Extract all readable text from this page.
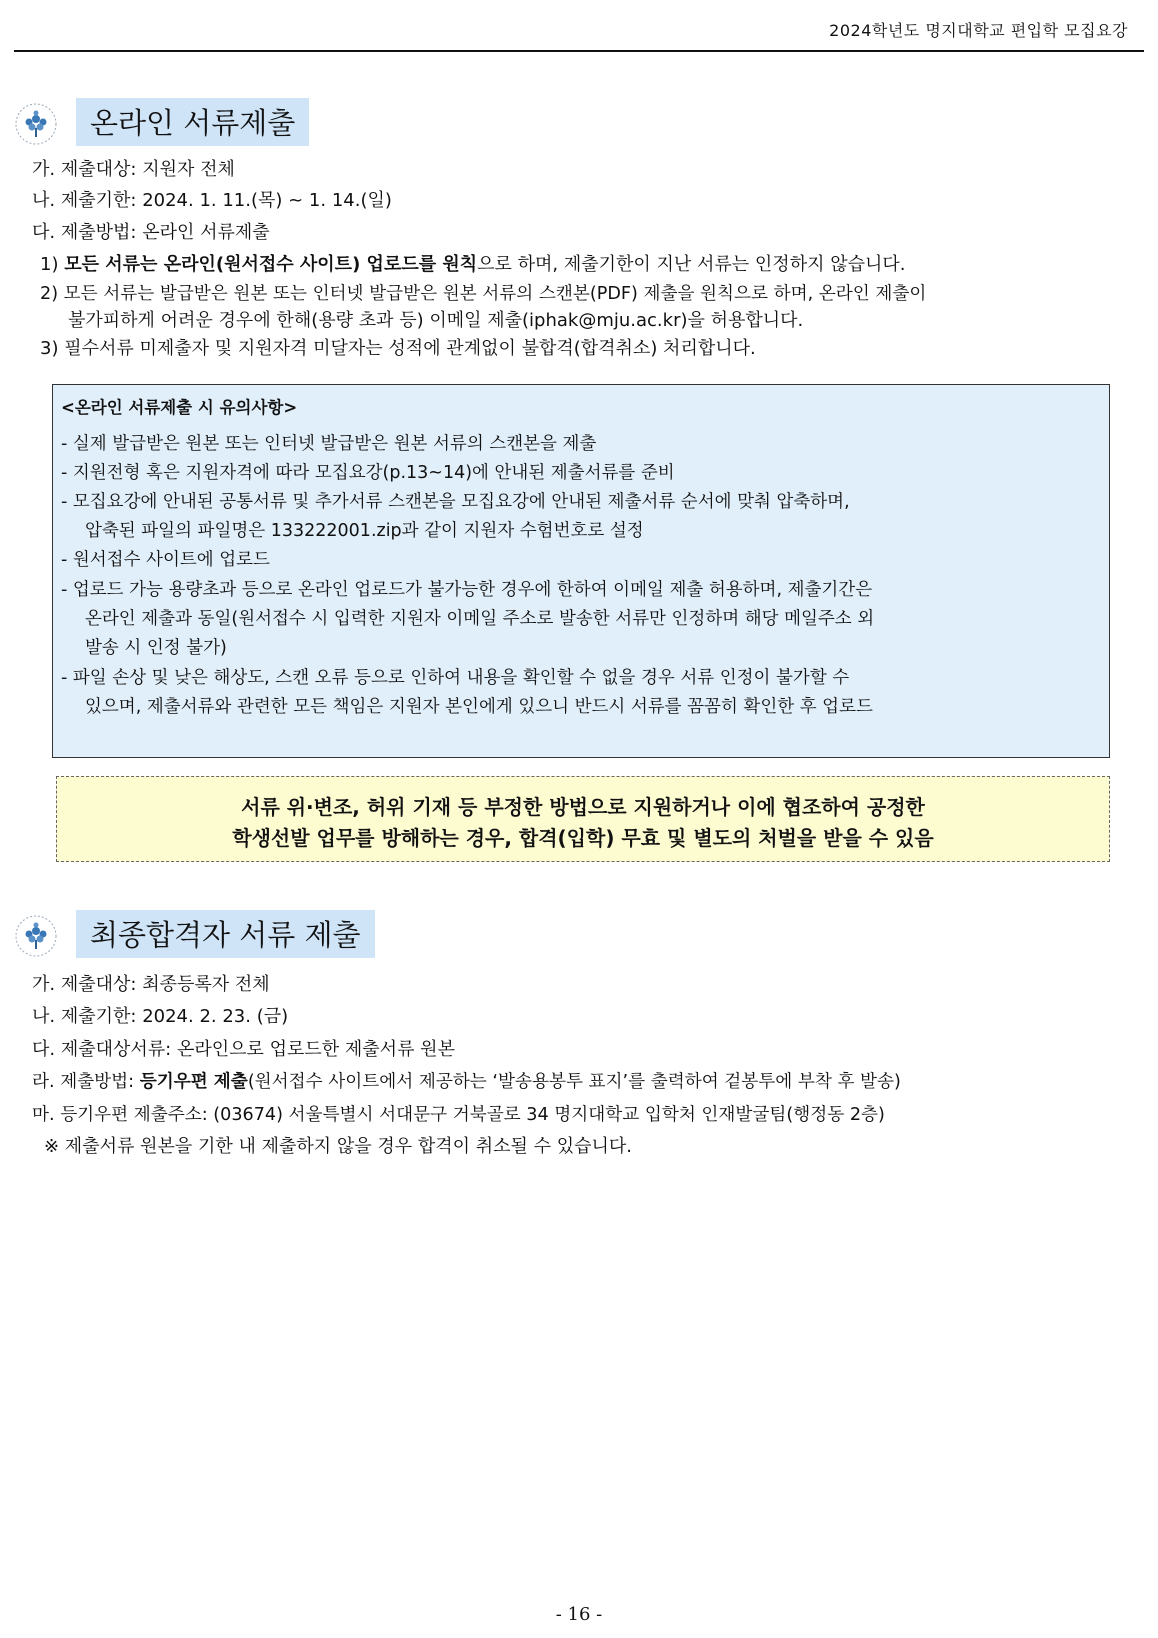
2024학년도 명지대학교 편입학 모집요강
온라인 서류제출
가. 제출대상: 지원자 전체
나. 제출기한: 2024. 1. 11.(목) ~ 1. 14.(일)
다. 제출방법: 온라인 서류제출
1) 모든 서류는 온라인(원서접수 사이트) 업로드를 원칙으로 하며, 제출기한이 지난 서류는 인정하지 않습니다.
2) 모든 서류는 발급받은 원본 또는 인터넷 발급받은 원본 서류의 스캔본(PDF) 제출을 원칙으로 하며, 온라인 제출이
불가피하게 어려운 경우에 한해(용량 초과 등) 이메일 제출(iphak@mju.ac.kr)을 허용합니다.
3) 필수서류 미제출자 및 지원자격 미달자는 성적에 관계없이 불합격(합격취소) 처리합니다.
<온라인 서류제출 시 유의사항>
- 실제 발급받은 원본 또는 인터넷 발급받은 원본 서류의 스캔본을 제출
- 지원전형 혹은 지원자격에 따라 모집요강(p.13~14)에 안내된 제출서류를 준비
- 모집요강에 안내된 공통서류 및 추가서류 스캔본을 모집요강에 안내된 제출서류 순서에 맞춰 압축하며,
압축된 파일의 파일명은 133222001.zip과 같이 지원자 수험번호로 설정
- 원서접수 사이트에 업로드
- 업로드 가능 용량초과 등으로 온라인 업로드가 불가능한 경우에 한하여 이메일 제출 허용하며, 제출기간은
온라인 제출과 동일(원서접수 시 입력한 지원자 이메일 주소로 발송한 서류만 인정하며 해당 메일주소 외
발송 시 인정 불가)
- 파일 손상 및 낮은 해상도, 스캔 오류 등으로 인하여 내용을 확인할 수 없을 경우 서류 인정이 불가할 수
있으며, 제출서류와 관련한 모든 책임은 지원자 본인에게 있으니 반드시 서류를 꼼꼼히 확인한 후 업로드
서류 위·변조, 허위 기재 등 부정한 방법으로 지원하거나 이에 협조하여 공정한
학생선발 업무를 방해하는 경우, 합격(입학) 무효 및 별도의 처벌을 받을 수 있음
최종합격자 서류 제출
가. 제출대상: 최종등록자 전체
나. 제출기한: 2024. 2. 23. (금)
다. 제출대상서류: 온라인으로 업로드한 제출서류 원본
라. 제출방법: 등기우편 제출(원서접수 사이트에서 제공하는 ‘발송용봉투 표지’를 출력하여 겉봉투에 부착 후 발송)
마. 등기우편 제출주소: (03674) 서울특별시 서대문구 거북골로 34 명지대학교 입학처 인재발굴팀(행정동 2층)
※ 제출서류 원본을 기한 내 제출하지 않을 경우 합격이 취소될 수 있습니다.
- 16 -
